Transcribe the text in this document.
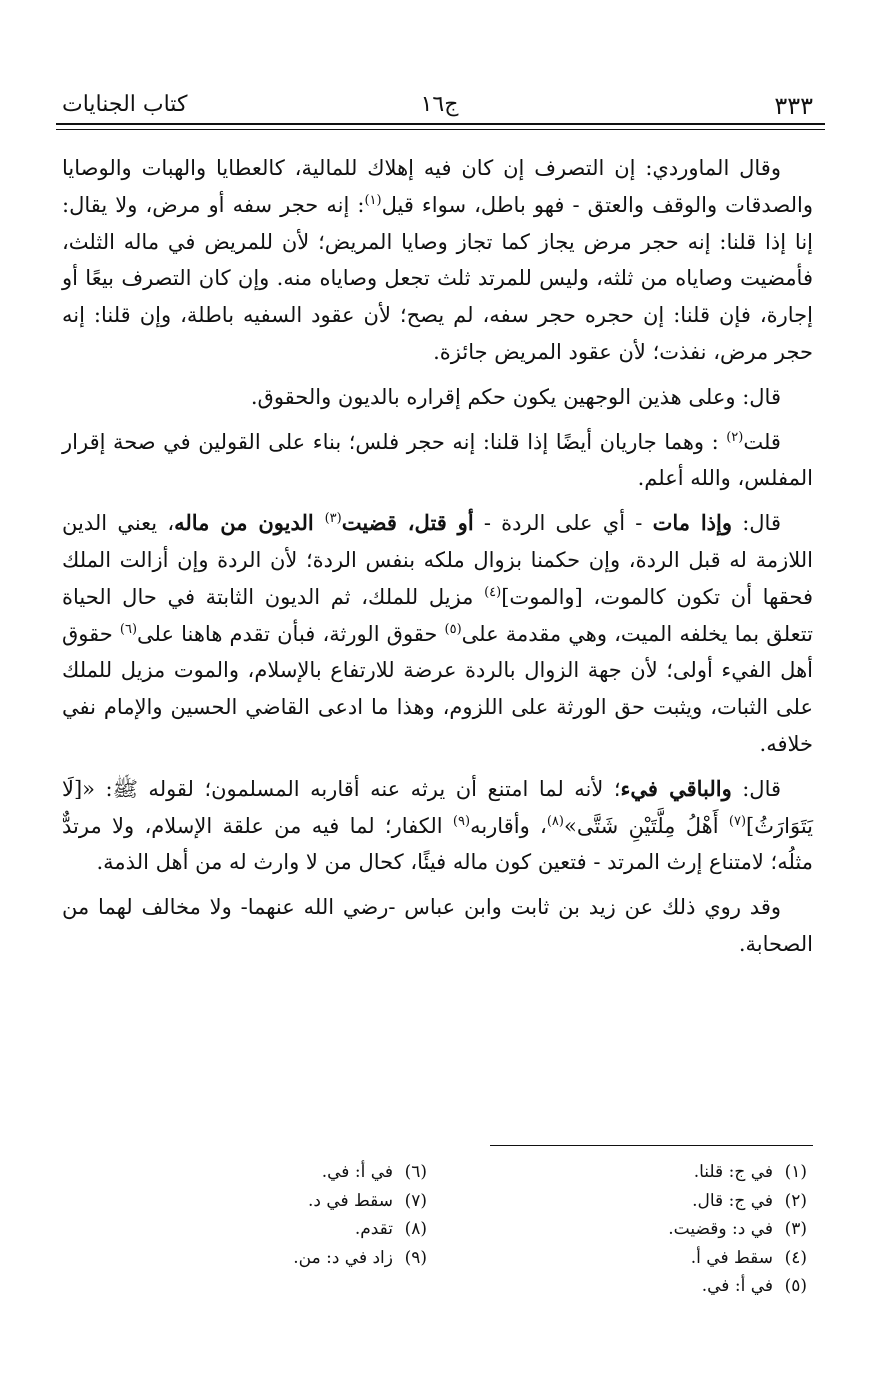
٣٣٣
ج١٦
كتاب الجنايات

وقال الماوردي: إن التصرف إن كان فيه إهلاك للمالية، كالعطايا والهبات والوصايا والصدقات والوقف والعتق - فهو باطل، سواء قيل$^{(١)}$: إنه حجر سفه أو مرض، ولا يقال: إنا إذا قلنا: إنه حجر مرض يجاز كما تجاز وصايا المريض؛ لأن للمريض في ماله الثلث، فأمضيت وصاياه من ثلثه، وليس للمرتد ثلث تجعل وصاياه منه. وإن كان التصرف بيعًا أو إجارة، فإن قلنا: إن حجره حجر سفه، لم يصح؛ لأن عقود السفيه باطلة، وإن قلنا: إنه حجر مرض، نفذت؛ لأن عقود المريض جائزة.

قال: وعلى هذين الوجهين يكون حكم إقراره بالديون والحقوق.

قلت$^{(٢)}$ : وهما جاريان أيضًا إذا قلنا: إنه حجر فلس؛ بناء على القولين في صحة إقرار المفلس، والله أعلم.

قال: وإذا مات - أي على الردة - أو قتل، قضيت$^{(٣)}$ الديون من ماله، يعني الدين اللازمة له قبل الردة، وإن حكمنا بزوال ملكه بنفس الردة؛ لأن الردة وإن أزالت الملك فحقها أن تكون كالموت، [والموت]$^{(٤)}$ مزيل للملك، ثم الديون الثابتة في حال الحياة تتعلق بما يخلفه الميت، وهي مقدمة على$^{(٥)}$ حقوق الورثة، فبأن تقدم هاهنا على$^{(٦)}$ حقوق أهل الفيء أولى؛ لأن جهة الزوال بالردة عرضة للارتفاع بالإسلام، والموت مزيل للملك على الثبات، ويثبت حق الورثة على اللزوم، وهذا ما ادعى القاضي الحسين والإمام نفي خلافه.

قال: والباقي فيء؛ لأنه لما امتنع أن يرثه عنه أقاربه المسلمون؛ لقوله ﷺ: «[لَا يَتَوَارَثُ]$^{(٧)}$ أَهْلُ مِلَّتَيْنِ شَتَّى»$^{(٨)}$، وأقاربه$^{(٩)}$ الكفار؛ لما فيه من علقة الإسلام، ولا مرتدٌّ مثلُه؛ لامتناع إرث المرتد - فتعين كون ماله فيئًا، كحال من لا وارث له من أهل الذمة.

وقد روي ذلك عن زيد بن ثابت وابن عباس -رضي الله عنهما- ولا مخالف لهما من الصحابة.

(١)في ج: قلنا.
(٢)في ج: قال.
(٣)في د: وقضيت.
(٤)سقط في أ.
(٥)في أ: في.
(٦)في أ: في.
(٧)سقط في د.
(٨)تقدم.
(٩)زاد في د: من.
